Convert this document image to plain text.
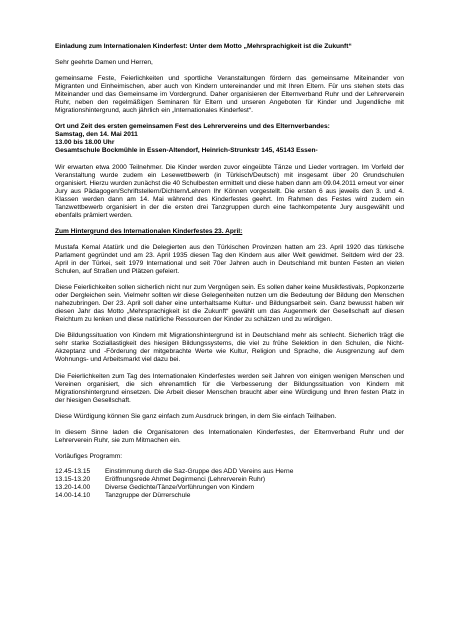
Einladung zum Internationalen Kinderfest: Unter dem Motto „Mehrsprachigkeit ist die Zukunft“

Sehr geehrte Damen und Herren,

gemeinsame Feste, Feierlichkeiten und sportliche Veranstaltungen fördern das gemeinsame Miteinander von Migranten und Einheimischen, aber auch von Kindern untereinander und mit Ihren Eltern. Für uns stehen stets das Miteinander und das Gemeinsame im Vordergrund. Daher organisieren der Elternverband Ruhr und der Lehrerverein Ruhr, neben den regelmäßigen Seminaren für Eltern und unseren Angeboten für Kinder und Jugendliche mit Migrationshintergrund, auch jährlich ein „Internationales Kinderfest“.

Ort und Zeit des ersten gemeinsamen Fest des Lehrervereins und des Elternverbandes:

Samstag, den 14. Mai 2011

13.00 bis 18.00 Uhr

Gesamtschule Bockmühle in Essen-Altendorf, Heinrich-Strunkstr 145, 45143 Essen-

Wir erwarten etwa 2000 Teilnehmer. Die Kinder werden zuvor eingeübte Tänze und Lieder vortragen. Im Vorfeld der Veranstaltung wurde zudem ein Lesewettbewerb (in Türkisch/Deutsch) mit insgesamt über 20 Grundschulen organisiert. Hierzu wurden zunächst die 40 Schulbesten ermittelt und diese haben dann am 09.04.2011 erneut vor einer Jury aus Pädagogen/Schriftstellern/Dichtern/Lehrern Ihr Können vorgestellt. Die ersten 6 aus jeweils den 3. und 4. Klassen werden dann am 14. Mai während des Kinderfestes geehrt. Im Rahmen des Festes wird zudem ein Tanzwettbewerb organisiert in der die ersten drei Tanzgruppen durch eine fachkompetente Jury ausgewählt und ebenfalls prämiert werden.

Zum Hintergrund des Internationalen Kinderfestes 23. April:

Mustafa Kemal Atatürk und die Delegierten aus den Türkischen Provinzen hatten am 23. April 1920 das türkische Parlament gegründet und am 23. April 1935 diesen Tag den Kindern aus aller Welt gewidmet. Seitdem wird der 23. April in der Türkei, seit 1979 International und seit 70er Jahren auch in Deutschland mit bunten Festen an vielen Schulen, auf Straßen und Plätzen gefeiert.

Diese Feierlichkeiten sollen sicherlich nicht nur zum Vergnügen sein. Es sollen daher keine Musikfestivals, Popkonzerte oder Dergleichen sein. Vielmehr sollten wir diese Gelegenheiten nutzen um die Bedeutung der Bildung den Menschen nahezubringen. Der 23. April soll daher eine unterhaltsame Kultur- und Bildungsarbeit sein. Ganz bewusst haben wir diesen Jahr das Motto „Mehrsprachigkeit ist die Zukunft“ gewählt um das Augenmerk der Gesellschaft auf diesen Reichtum zu lenken und diese natürliche Ressourcen der Kinder zu schätzen und zu würdigen.

Die Bildungssituation von Kindern mit Migrationshintergrund ist in Deutschland mehr als schlecht. Sicherlich trägt die sehr starke Soziallastigkeit des hiesigen Bildungssystems, die viel zu frühe Selektion in den Schulen, die Nicht-Akzeptanz und -Förderung der mitgebrachte Werte wie Kultur, Religion und Sprache, die Ausgrenzung auf dem Wohnungs- und Arbeitsmarkt viel dazu bei.

Die Feierlichkeiten zum Tag des Internationalen Kinderfestes werden seit Jahren von einigen wenigen Menschen und Vereinen organisiert, die sich ehrenamtlich für die Verbesserung der Bildungssituation von Kindern mit Migrationshintergrund einsetzen. Die Arbeit dieser Menschen braucht aber eine Würdigung und Ihren festen Platz in der hiesigen Gesellschaft.

Diese Würdigung können Sie ganz einfach zum Ausdruck bringen, in dem Sie einfach Teilhaben.

In diesem Sinne laden die Organisatoren des Internationalen Kinderfestes, der Elternverband Ruhr und der Lehrerverein Ruhr, sie zum Mitmachen ein.

Vorläufiges Programm:

12.45-13.15	Einstimmung durch die Saz-Gruppe des ADD Vereins aus Herne
13.15-13.20	Eröffnungsrede Ahmet Degirmenci (Lehrerverein Ruhr)
13.20-14.00	Diverse Gedichte/Tänze/Vorführungen von Kindern
14.00-14.10	Tanzgruppe der Dürrerschule
